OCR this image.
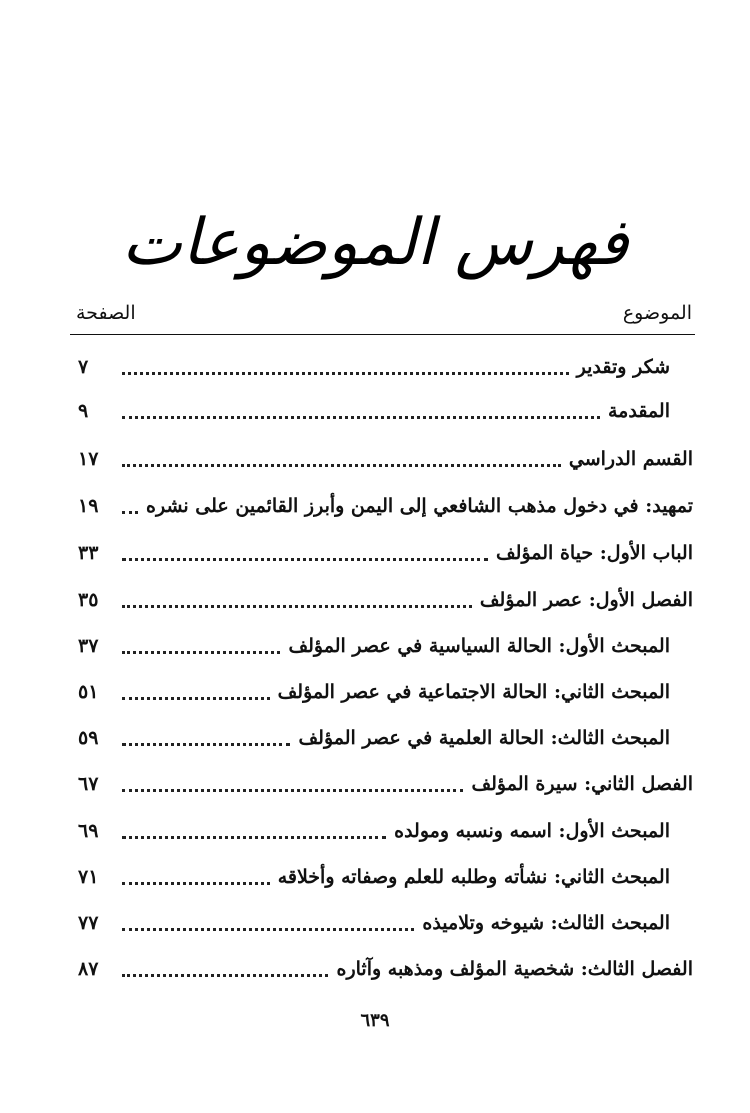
فهرس الموضوعات
الموضوع
الصفحة
شكر وتقدير
٧
المقدمة
٩
القسم الدراسي
١٧
تمهيد: في دخول مذهب الشافعي إلى اليمن وأبرز القائمين على نشره
١٩
الباب الأول: حياة المؤلف
٣٣
الفصل الأول: عصر المؤلف
٣٥
المبحث الأول: الحالة السياسية في عصر المؤلف
٣٧
المبحث الثاني: الحالة الاجتماعية في عصر المؤلف
٥١
المبحث الثالث: الحالة العلمية في عصر المؤلف
٥٩
الفصل الثاني: سيرة المؤلف
٦٧
المبحث الأول: اسمه ونسبه ومولده
٦٩
المبحث الثاني: نشأته وطلبه للعلم وصفاته وأخلاقه
٧١
المبحث الثالث: شيوخه وتلاميذه
٧٧
الفصل الثالث: شخصية المؤلف ومذهبه وآثاره
٨٧
٦٣٩
